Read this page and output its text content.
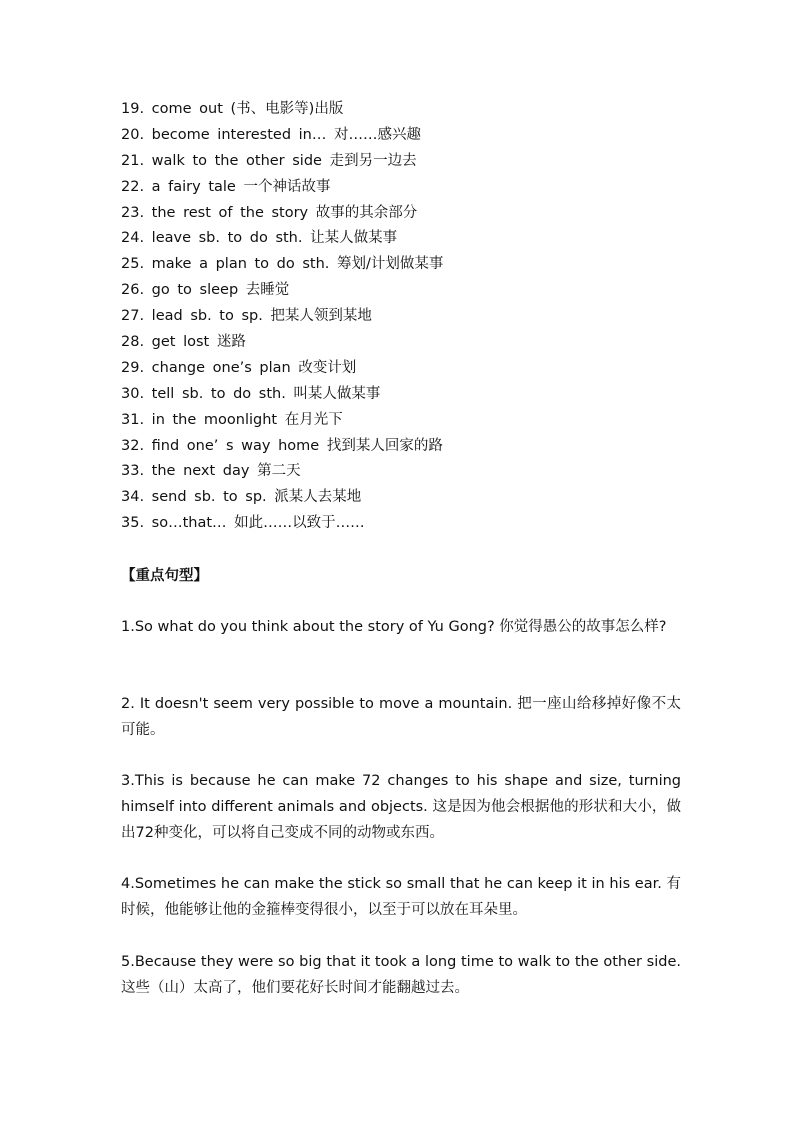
19. come out (书、电影等)出版
20. become interested in… 对……感兴趣
21. walk to the other side 走到另一边去
22. a fairy tale 一个神话故事
23. the rest of the story 故事的其余部分
24. leave sb. to do sth. 让某人做某事
25. make a plan to do sth. 筹划/计划做某事
26. go to sleep 去睡觉
27. lead sb. to sp. 把某人领到某地
28. get lost 迷路
29. change one’s plan 改变计划
30. tell sb. to do sth. 叫某人做某事
31. in the moonlight 在月光下
32. find one’ s way home 找到某人回家的路
33. the next day 第二天
34. send sb. to sp. 派某人去某地
35. so…that… 如此……以致于……
【重点句型】

1.So what do you think about the story of Yu Gong? 你觉得愚公的故事怎么样?

2. It doesn't seem very possible to move a mountain. 把一座山给移掉好像不太可能。

3.This is because he can make 72 changes to his shape and size, turning himself into different animals and objects. 这是因为他会根据他的形状和大小，做出72种变化，可以将自己变成不同的动物或东西。

4.Sometimes he can make the stick so small that he can keep it in his ear. 有时候，他能够让他的金箍棒变得很小，以至于可以放在耳朵里。

5.Because they were so big that it took a long time to walk to the other side. 这些（山）太高了，他们要花好长时间才能翻越过去。
